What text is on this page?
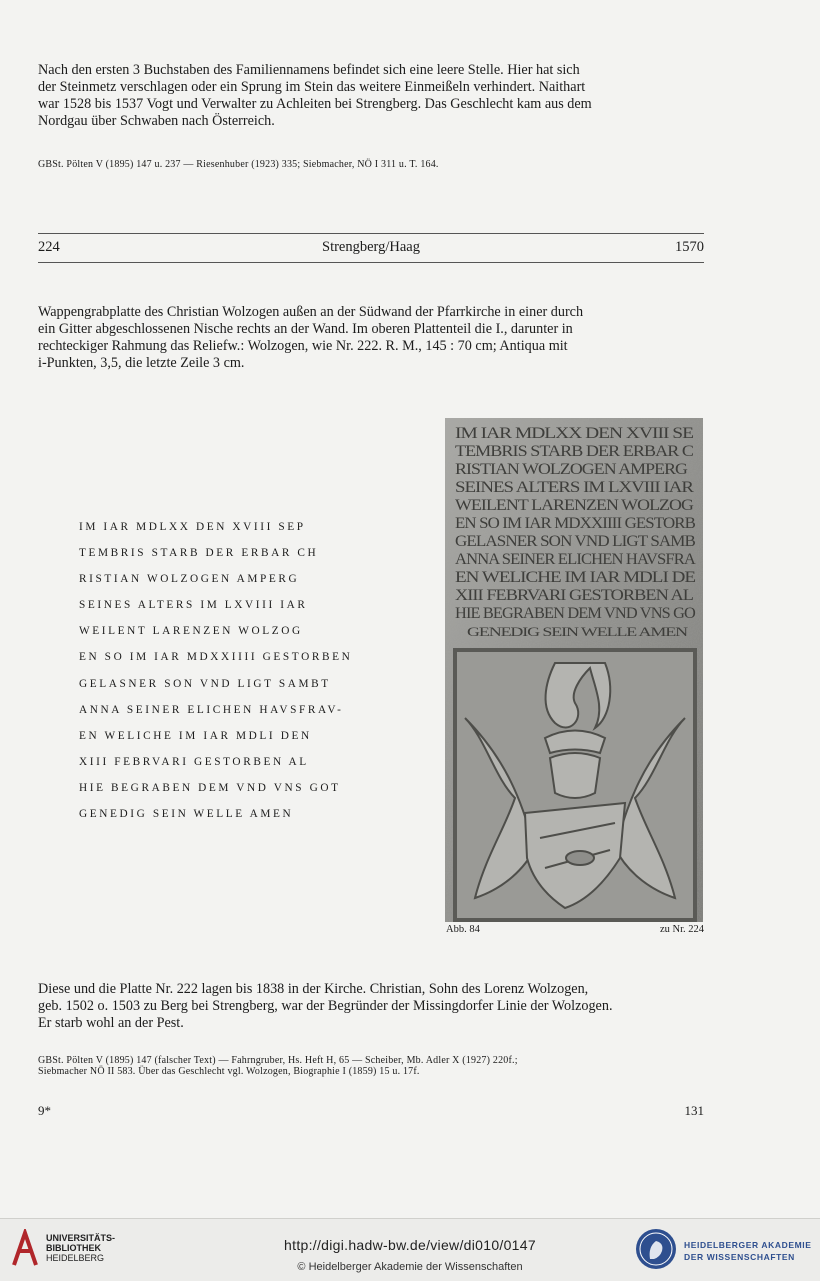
Nach den ersten 3 Buchstaben des Familiennamens befindet sich eine leere Stelle. Hier hat sich
der Steinmetz verschlagen oder ein Sprung im Stein das weitere Einmeißeln verhindert. Naithart
war 1528 bis 1537 Vogt und Verwalter zu Achleiten bei Strengberg. Das Geschlecht kam aus dem
Nordgau über Schwaben nach Österreich.
GBSt. Pölten V (1895) 147 u. 237 — Riesenhuber (1923) 335; Siebmacher, NÖ I 311 u. T. 164.
224	Strengberg/Haag	1570
Wappengrabplatte des Christian Wolzogen außen an der Südwand der Pfarrkirche in einer durch
ein Gitter abgeschlossenen Nische rechts an der Wand. Im oberen Plattenteil die I., darunter in
rechteckiger Rahmung das Reliefw.: Wolzogen, wie Nr. 222. R. M., 145 : 70 cm; Antiqua mit
i-Punkten, 3,5, die letzte Zeile 3 cm.
IM IAR MDLXX DEN XVIII SEP
TEMBRIS STARB DER ERBAR CH
RISTIAN WOLZOGEN AMPERG
SEINES ALTERS IM LXVIII IAR
WEILENT LARENZEN WOLZOG
EN SO IM IAR MDXXIIII GESTORBEN
GELASNER SON VND LIGT SAMBT
ANNA SEINER ELICHEN HAVSFRAV-
EN WELICHE IM IAR MDLI DEN
XIII FEBRVARI GESTORBEN AL
HIE BEGRABEN DEM VND VNS GOT
GENEDIG SEIN WELLE AMEN
IM IAR MDLXX DEN XVIII SE
TEMBRIS STARB DER ERBAR C
RISTIAN WOLZOGEN AMPERG
SEINES ALTERS IM LXVIII IAR
WEILENT LARENZEN WOLZOG
EN SO IM IAR MDXXIIII GESTORB
GELASNER SON VND LIGT SAMB
ANNA SEINER ELICHEN HAVSFRA
EN WELICHE IM IAR MDLI DE
XIII FEBRVARI GESTORBEN AL
HIE BEGRABEN DEM VND VNS GO
GENEDIG SEIN WELLE AMEN
Abb. 84	zu Nr. 224
Diese und die Platte Nr. 222 lagen bis 1838 in der Kirche. Christian, Sohn des Lorenz Wolzogen,
geb. 1502 o. 1503 zu Berg bei Strengberg, war der Begründer der Missingdorfer Linie der Wolzogen.
Er starb wohl an der Pest.
GBSt. Pölten V (1895) 147 (falscher Text) — Fahrngruber, Hs. Heft H, 65 — Scheiber, Mb. Adler X (1927) 220f.;
Siebmacher NÖ II 583. Über das Geschlecht vgl. Wolzogen, Biographie I (1859) 15 u. 17f.
9*	131
UNIVERSITÄTS-
BIBLIOTHEK
HEIDELBERG
http://digi.hadw-bw.de/view/di010/0147
© Heidelberger Akademie der Wissenschaften
HEIDELBERGER AKADEMIE
DER WISSENSCHAFTEN
